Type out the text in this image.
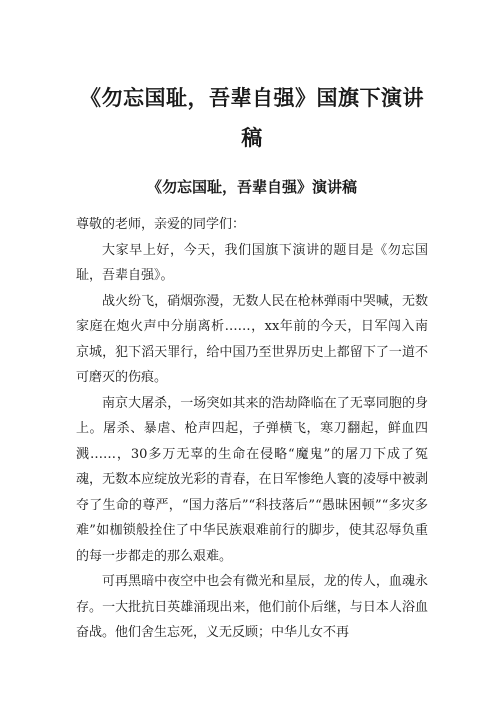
《勿忘国耻，吾辈自强》国旗下演讲稿
《勿忘国耻，吾辈自强》演讲稿

尊敬的老师，亲爱的同学们：

大家早上好，今天，我们国旗下演讲的题目是《勿忘国耻，吾辈自强》。

战火纷飞，硝烟弥漫，无数人民在枪林弹雨中哭喊，无数家庭在炮火声中分崩离析……，xx年前的今天，日军闯入南京城，犯下滔天罪行，给中国乃至世界历史上都留下了一道不可磨灭的伤痕。

南京大屠杀，一场突如其来的浩劫降临在了无辜同胞的身上。屠杀、暴虐、枪声四起，子弹横飞，寒刀翻起，鲜血四溅……，30多万无辜的生命在侵略“魔鬼”的屠刀下成了冤魂，无数本应绽放光彩的青春，在日军惨绝人寰的凌辱中被剥夺了生命的尊严，“国力落后”“科技落后”“愚昧困顿”“多灾多难”如枷锁般拴住了中华民族艰难前行的脚步，使其忍辱负重的每一步都走的那么艰难。

可再黑暗中夜空中也会有微光和星辰，龙的传人，血魂永存。一大批抗日英雄涌现出来，他们前仆后继，与日本人浴血奋战。他们舍生忘死，义无反顾；中华儿女不再
